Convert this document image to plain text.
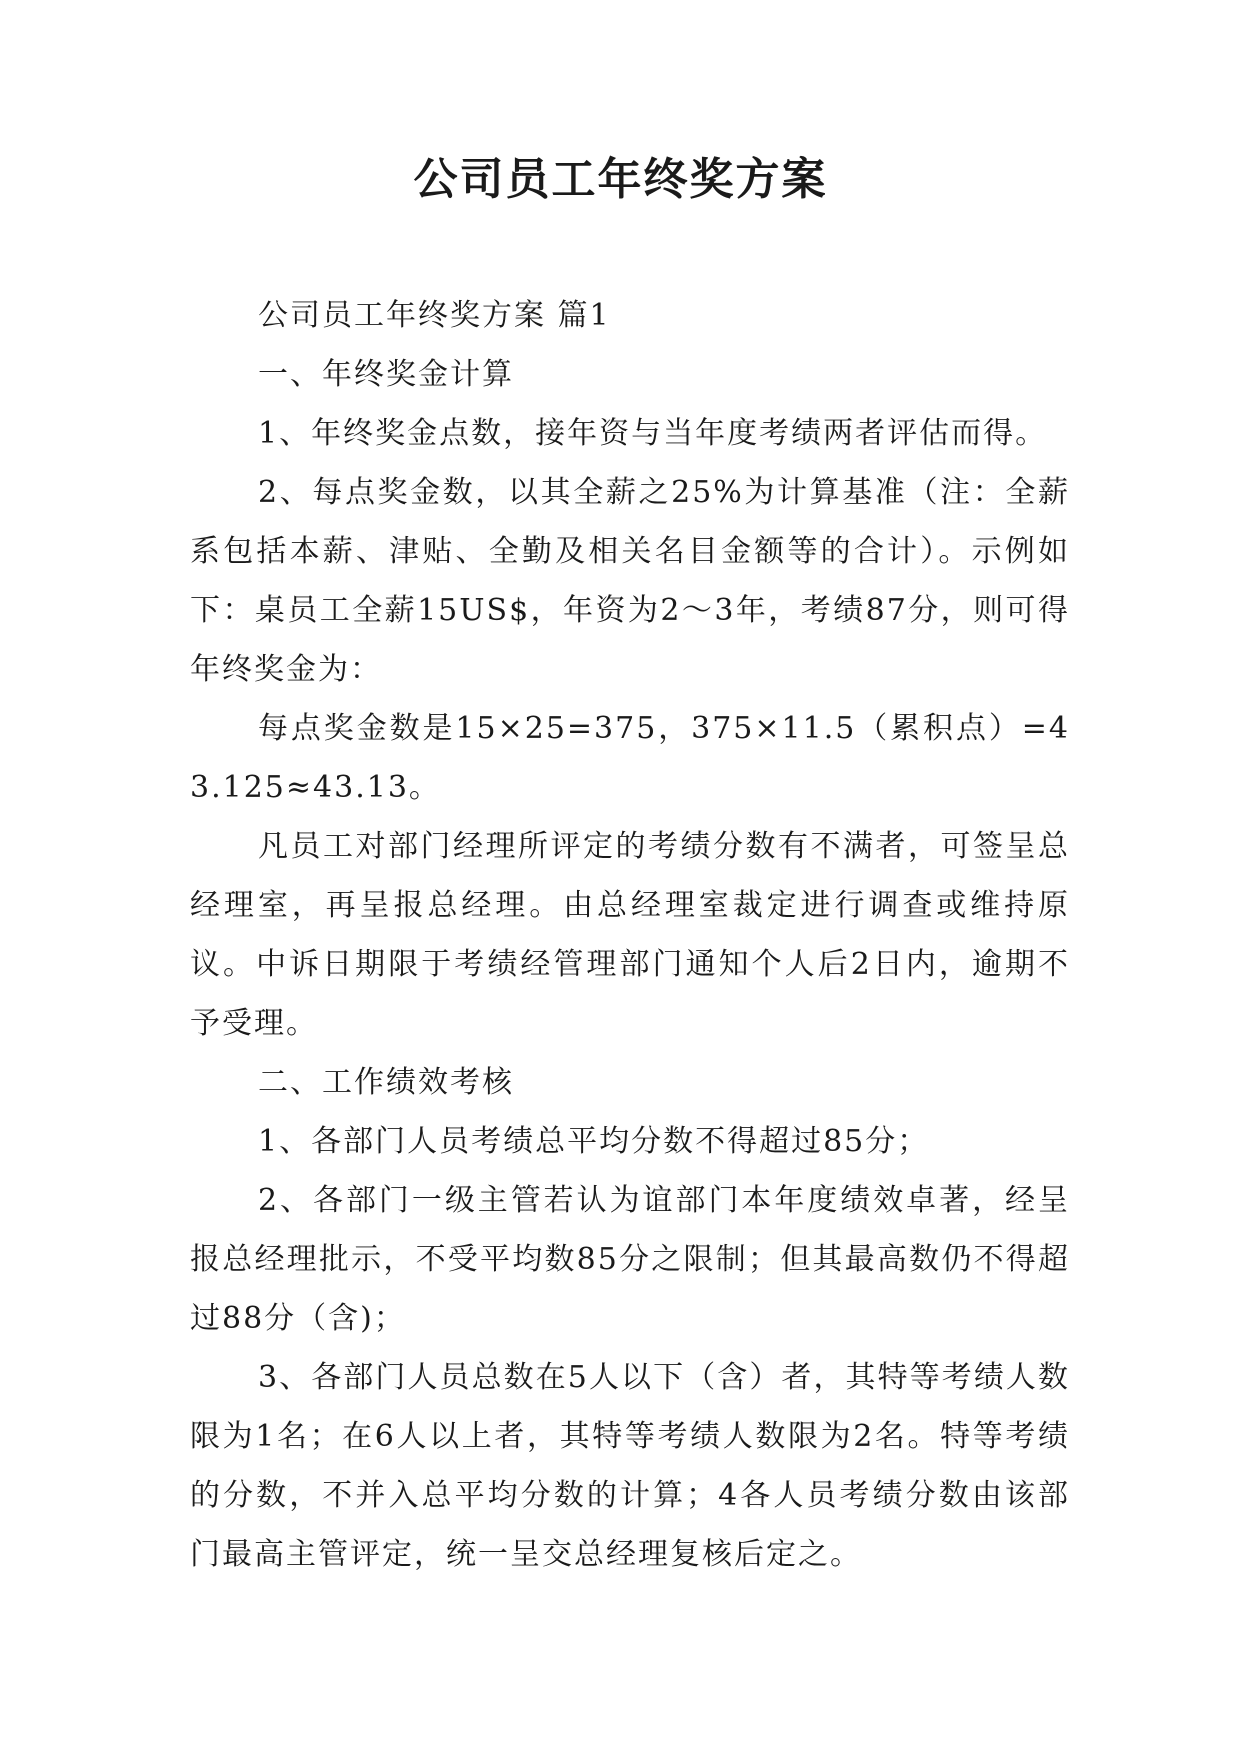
公司员工年终奖方案

公司员工年终奖方案 篇1

一、年终奖金计算

1、年终奖金点数，接年资与当年度考绩两者评估而得。

2、每点奖金数，以其全薪之25%为计算基准（注：全薪系包括本薪、津贴、全勤及相关名目金额等的合计）。示例如下：桌员工全薪15US$，年资为2～3年，考绩87分，则可得年终奖金为：

每点奖金数是15×25=375，375×11.5（累积点）=43.125≈43.13。

凡员工对部门经理所评定的考绩分数有不满者，可签呈总经理室，再呈报总经理。由总经理室裁定进行调查或维持原议。中诉日期限于考绩经管理部门通知个人后2日内，逾期不予受理。

二、工作绩效考核

1、各部门人员考绩总平均分数不得超过85分；

2、各部门一级主管若认为谊部门本年度绩效卓著，经呈报总经理批示，不受平均数85分之限制；但其最高数仍不得超过88分（含)；

3、各部门人员总数在5人以下（含）者，其特等考绩人数限为1名；在6人以上者，其特等考绩人数限为2名。特等考绩的分数，不并入总平均分数的计算；4各人员考绩分数由该部门最高主管评定，统一呈交总经理复核后定之。
